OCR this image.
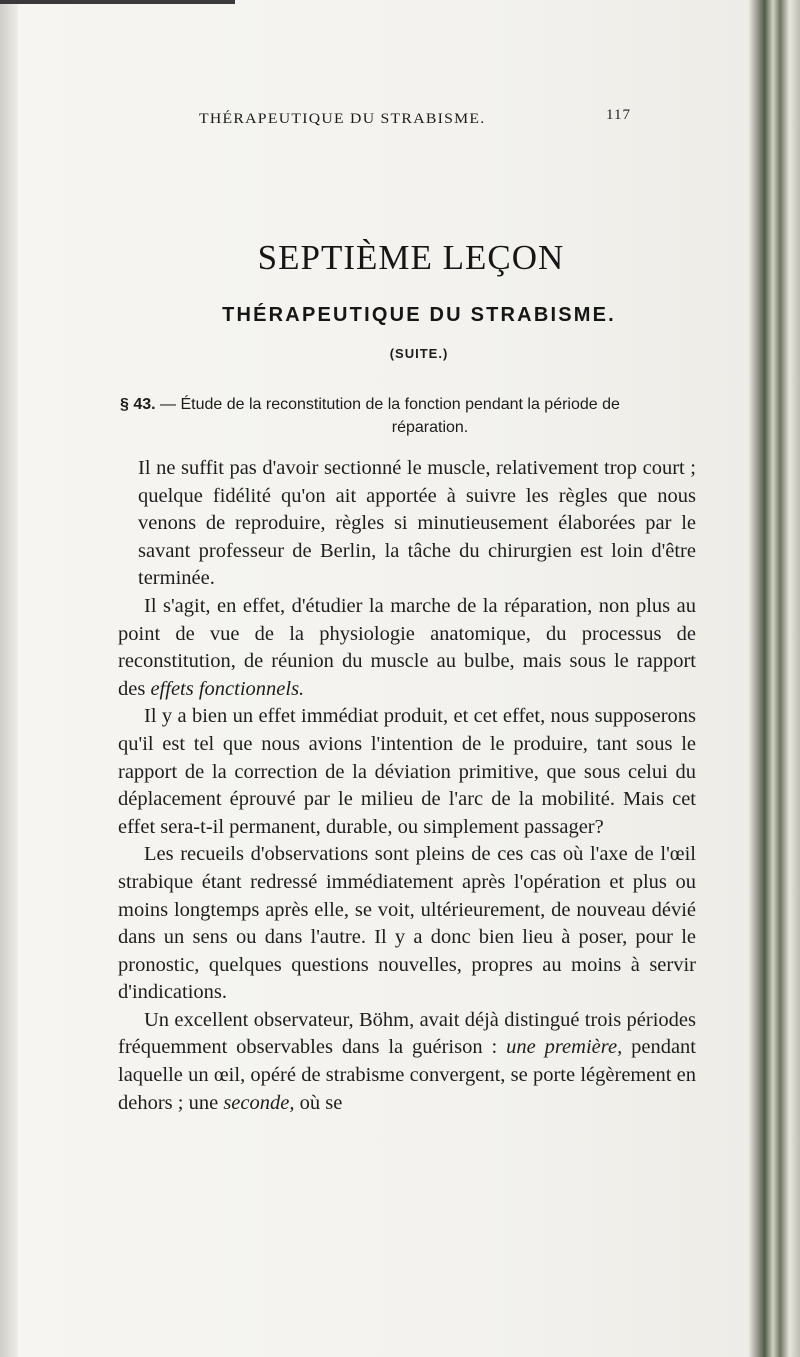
THÉRAPEUTIQUE DU STRABISME.	117
SEPTIÈME LEÇON
THÉRAPEUTIQUE DU STRABISME.
(SUITE.)
§ 43. — Étude de la reconstitution de la fonction pendant la période de
réparation.

Il ne suffit pas d'avoir sectionné le muscle, relativement trop court ; quelque fidélité qu'on ait apportée à suivre les règles que nous venons de reproduire, règles si minutieusement élaborées par le savant professeur de Berlin, la tâche du chirurgien est loin d'être terminée.

Il s'agit, en effet, d'étudier la marche de la réparation, non plus au point de vue de la physiologie anatomique, du processus de reconstitution, de réunion du muscle au bulbe, mais sous le rapport des effets fonctionnels.

Il y a bien un effet immédiat produit, et cet effet, nous supposerons qu'il est tel que nous avions l'intention de le produire, tant sous le rapport de la correction de la déviation primitive, que sous celui du déplacement éprouvé par le milieu de l'arc de la mobilité. Mais cet effet sera-t-il permanent, durable, ou simplement passager?

Les recueils d'observations sont pleins de ces cas où l'axe de l'œil strabique étant redressé immédiatement après l'opération et plus ou moins longtemps après elle, se voit, ultérieurement, de nouveau dévié dans un sens ou dans l'autre. Il y a donc bien lieu à poser, pour le pronostic, quelques questions nouvelles, propres au moins à servir d'indications.

Un excellent observateur, Böhm, avait déjà distingué trois périodes fréquemment observables dans la guérison : une première, pendant laquelle un œil, opéré de strabisme convergent, se porte légèrement en dehors ; une seconde, où se
